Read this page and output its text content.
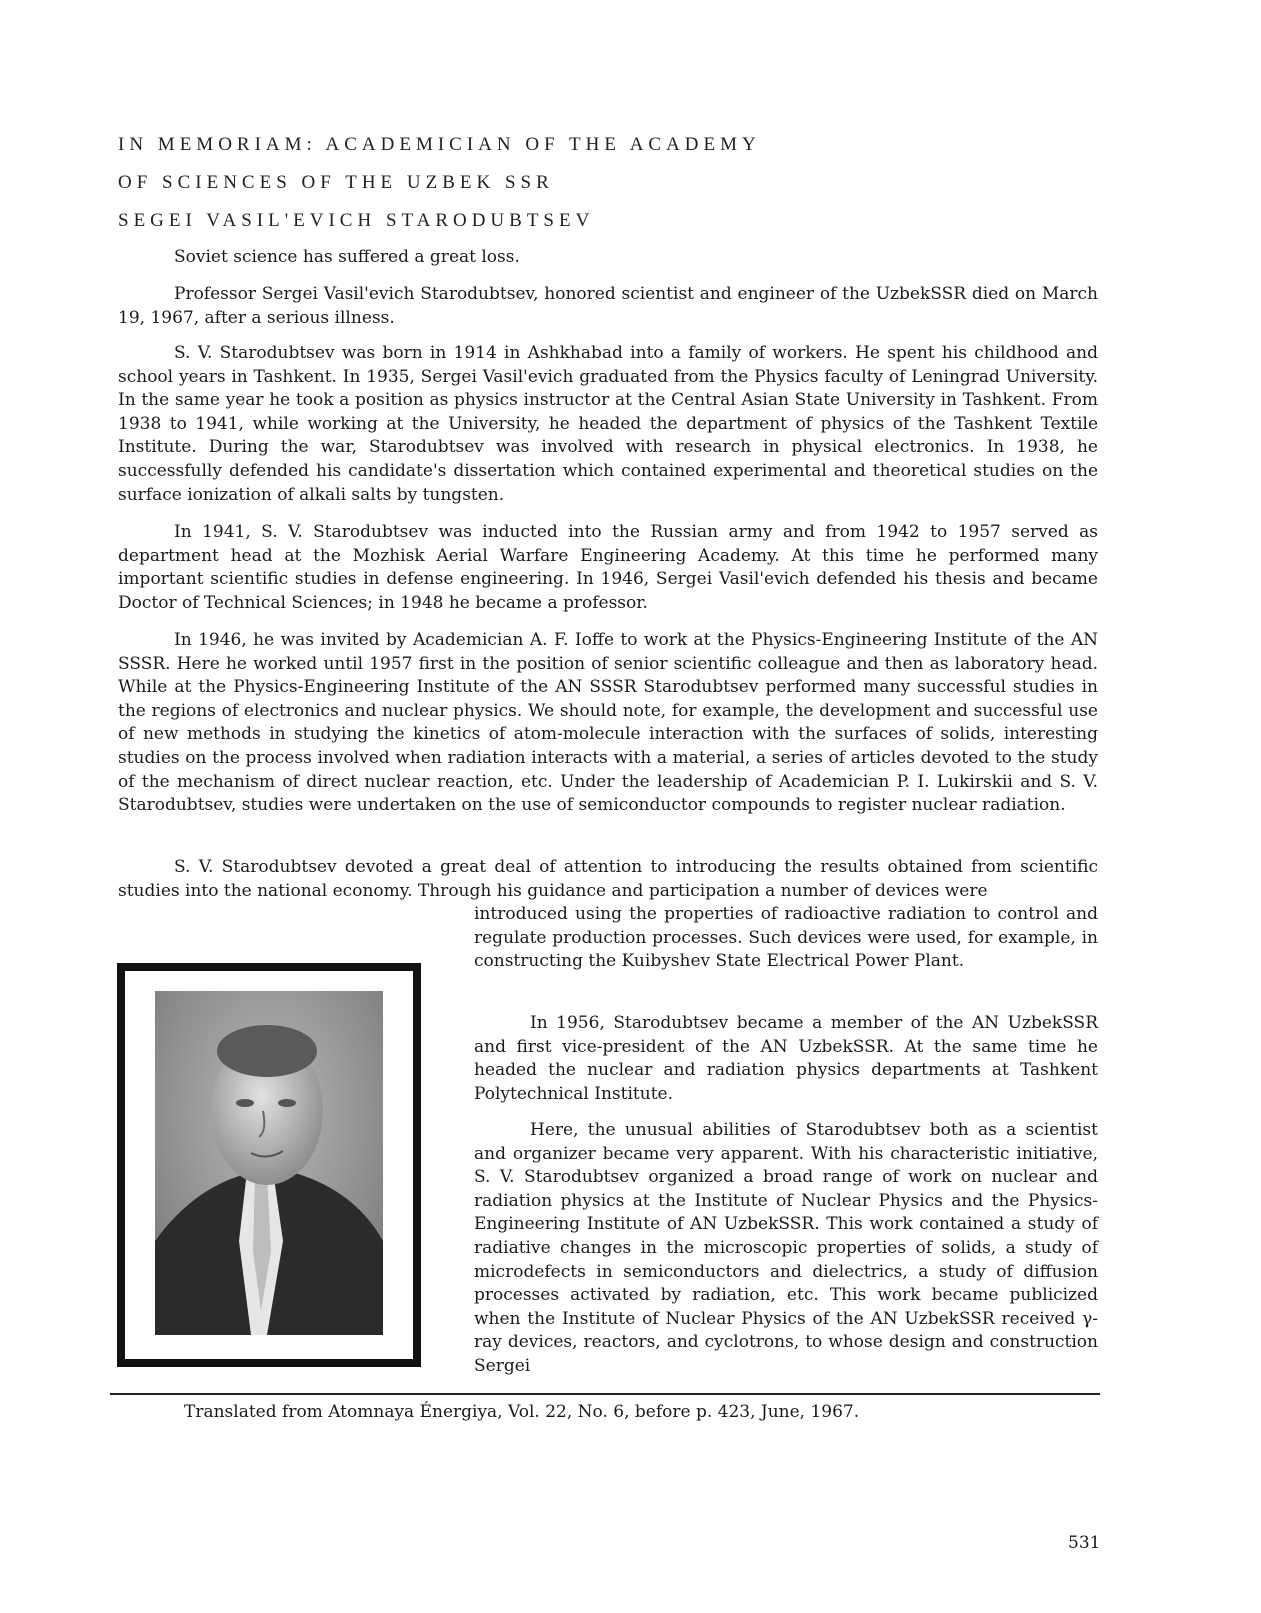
IN MEMORIAM: ACADEMICIAN OF THE ACADEMY
OF SCIENCES OF THE UZBEK SSR
SEGEI VASIL'EVICH STARODUBTSEV

Soviet science has suffered a great loss.

Professor Sergei Vasil'evich Starodubtsev, honored scientist and engineer of the UzbekSSR died on March 19, 1967, after a serious illness.

S. V. Starodubtsev was born in 1914 in Ashkhabad into a family of workers. He spent his childhood and school years in Tashkent. In 1935, Sergei Vasil'evich graduated from the Physics faculty of Leningrad University. In the same year he took a position as physics instructor at the Central Asian State University in Tashkent. From 1938 to 1941, while working at the University, he headed the department of physics of the Tashkent Textile Institute. During the war, Starodubtsev was involved with research in physical electronics. In 1938, he successfully defended his candidate's dissertation which contained experimental and theoretical studies on the surface ionization of alkali salts by tungsten.

In 1941, S. V. Starodubtsev was inducted into the Russian army and from 1942 to 1957 served as department head at the Mozhisk Aerial Warfare Engineering Academy. At this time he performed many important scientific studies in defense engineering. In 1946, Sergei Vasil'evich defended his thesis and became Doctor of Technical Sciences; in 1948 he became a professor.

In 1946, he was invited by Academician A. F. Ioffe to work at the Physics-Engineering Institute of the AN SSSR. Here he worked until 1957 first in the position of senior scientific colleague and then as laboratory head. While at the Physics-Engineering Institute of the AN SSSR Starodubtsev performed many successful studies in the regions of electronics and nuclear physics. We should note, for example, the development and successful use of new methods in studying the kinetics of atom-molecule interaction with the surfaces of solids, interesting studies on the process involved when radiation interacts with a material, a series of articles devoted to the study of the mechanism of direct nuclear reaction, etc. Under the leadership of Academician P. I. Lukirskii and S. V. Starodubtsev, studies were undertaken on the use of semiconductor compounds to register nuclear radiation.

S. V. Starodubtsev devoted a great deal of attention to introducing the results obtained from scientific studies into the national economy. Through his guidance and participation a number of devices were

introduced using the properties of radioactive radiation to control and regulate production processes. Such devices were used, for example, in constructing the Kuibyshev State Electrical Power Plant.

In 1956, Starodubtsev became a member of the AN UzbekSSR and first vice-president of the AN UzbekSSR. At the same time he headed the nuclear and radiation physics departments at Tashkent Polytechnical Institute.

Here, the unusual abilities of Starodubtsev both as a scientist and organizer became very apparent. With his characteristic initiative, S. V. Starodubtsev organized a broad range of work on nuclear and radiation physics at the Institute of Nuclear Physics and the Physics-Engineering Institute of AN UzbekSSR. This work contained a study of radiative changes in the microscopic properties of solids, a study of microdefects in semiconductors and dielectrics, a study of diffusion processes activated by radiation, etc. This work became publicized when the Institute of Nuclear Physics of the AN UzbekSSR received γ-ray devices, reactors, and cyclotrons, to whose design and construction Sergei

Translated from Atomnaya Énergiya, Vol. 22, No. 6, before p. 423, June, 1967.
531
